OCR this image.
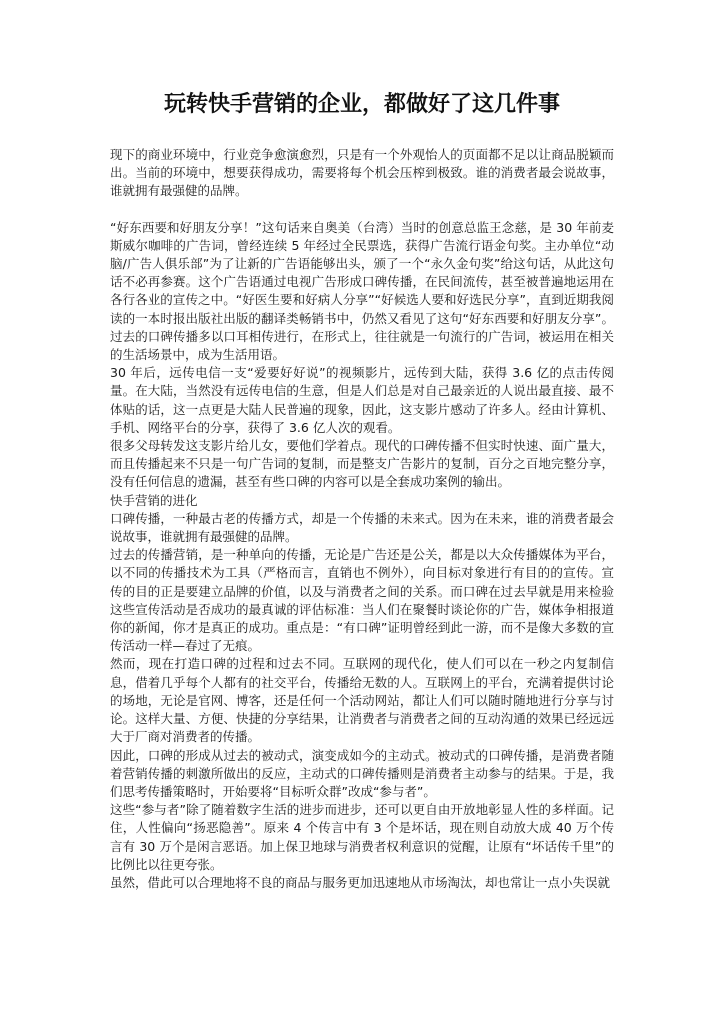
玩转快手营销的企业，都做好了这几件事

现下的商业环境中，行业竞争愈演愈烈，只是有一个外观怡人的页面都不足以让商品脱颖而出。当前的环境中，想要获得成功，需要将每个机会压榨到极致。谁的消费者最会说故事，谁就拥有最强健的品牌。

“好东西要和好朋友分享！”这句话来自奥美（台湾）当时的创意总监王念慈，是 30 年前麦斯威尔咖啡的广告词，曾经连续 5 年经过全民票选，获得广告流行语金句奖。主办单位“动脑/广告人俱乐部”为了让新的广告语能够出头，颁了一个“永久金句奖”给这句话，从此这句话不必再参赛。这个广告语通过电视广告形成口碑传播，在民间流传，甚至被普遍地运用在各行各业的宣传之中。“好医生要和好病人分享”“好候选人要和好选民分享”，直到近期我阅读的一本时报出版社出版的翻译类畅销书中，仍然又看见了这句“好东西要和好朋友分享”。过去的口碑传播多以口耳相传进行，在形式上，往往就是一句流行的广告词，被运用在相关的生活场景中，成为生活用语。

30 年后，远传电信一支“爱要好好说”的视频影片，远传到大陆，获得 3.6 亿的点击传阅量。在大陆，当然没有远传电信的生意，但是人们总是对自己最亲近的人说出最直接、最不体贴的话，这一点更是大陆人民普遍的现象，因此，这支影片感动了许多人。经由计算机、手机、网络平台的分享，获得了 3.6 亿人次的观看。

很多父母转发这支影片给儿女，要他们学着点。现代的口碑传播不但实时快速、面广量大，而且传播起来不只是一句广告词的复制，而是整支广告影片的复制，百分之百地完整分享，没有任何信息的遗漏，甚至有些口碑的内容可以是全套成功案例的输出。

快手营销的进化

口碑传播，一种最古老的传播方式，却是一个传播的未来式。因为在未来，谁的消费者最会说故事，谁就拥有最强健的品牌。

过去的传播营销，是一种单向的传播，无论是广告还是公关，都是以大众传播媒体为平台，以不同的传播技术为工具（严格而言，直销也不例外），向目标对象进行有目的的宣传。宣传的目的正是要建立品牌的价值，以及与消费者之间的关系。而口碑在过去早就是用来检验这些宣传活动是否成功的最真诚的评估标准：当人们在聚餐时谈论你的广告，媒体争相报道你的新闻，你才是真正的成功。重点是：“有口碑”证明曾经到此一游，而不是像大多数的宣传活动一样—春过了无痕。

然而，现在打造口碑的过程和过去不同。互联网的现代化，使人们可以在一秒之内复制信息，借着几乎每个人都有的社交平台，传播给无数的人。互联网上的平台，充满着提供讨论的场地，无论是官网、博客，还是任何一个活动网站，都让人们可以随时随地进行分享与讨论。这样大量、方便、快捷的分享结果，让消费者与消费者之间的互动沟通的效果已经远远大于厂商对消费者的传播。

因此，口碑的形成从过去的被动式，演变成如今的主动式。被动式的口碑传播，是消费者随着营销传播的刺激所做出的反应，主动式的口碑传播则是消费者主动参与的结果。于是，我们思考传播策略时，开始要将“目标听众群”改成“参与者”。

这些“参与者”除了随着数字生活的进步而进步，还可以更自由开放地彰显人性的多样面。记住，人性偏向“扬恶隐善”。原来 4 个传言中有 3 个是坏话，现在则自动放大成 40 万个传言有 30 万个是闲言恶语。加上保卫地球与消费者权利意识的觉醒，让原有“坏话传千里”的比例比以往更夸张。

虽然，借此可以合理地将不良的商品与服务更加迅速地从市场淘汰，却也常让一点小失误就
